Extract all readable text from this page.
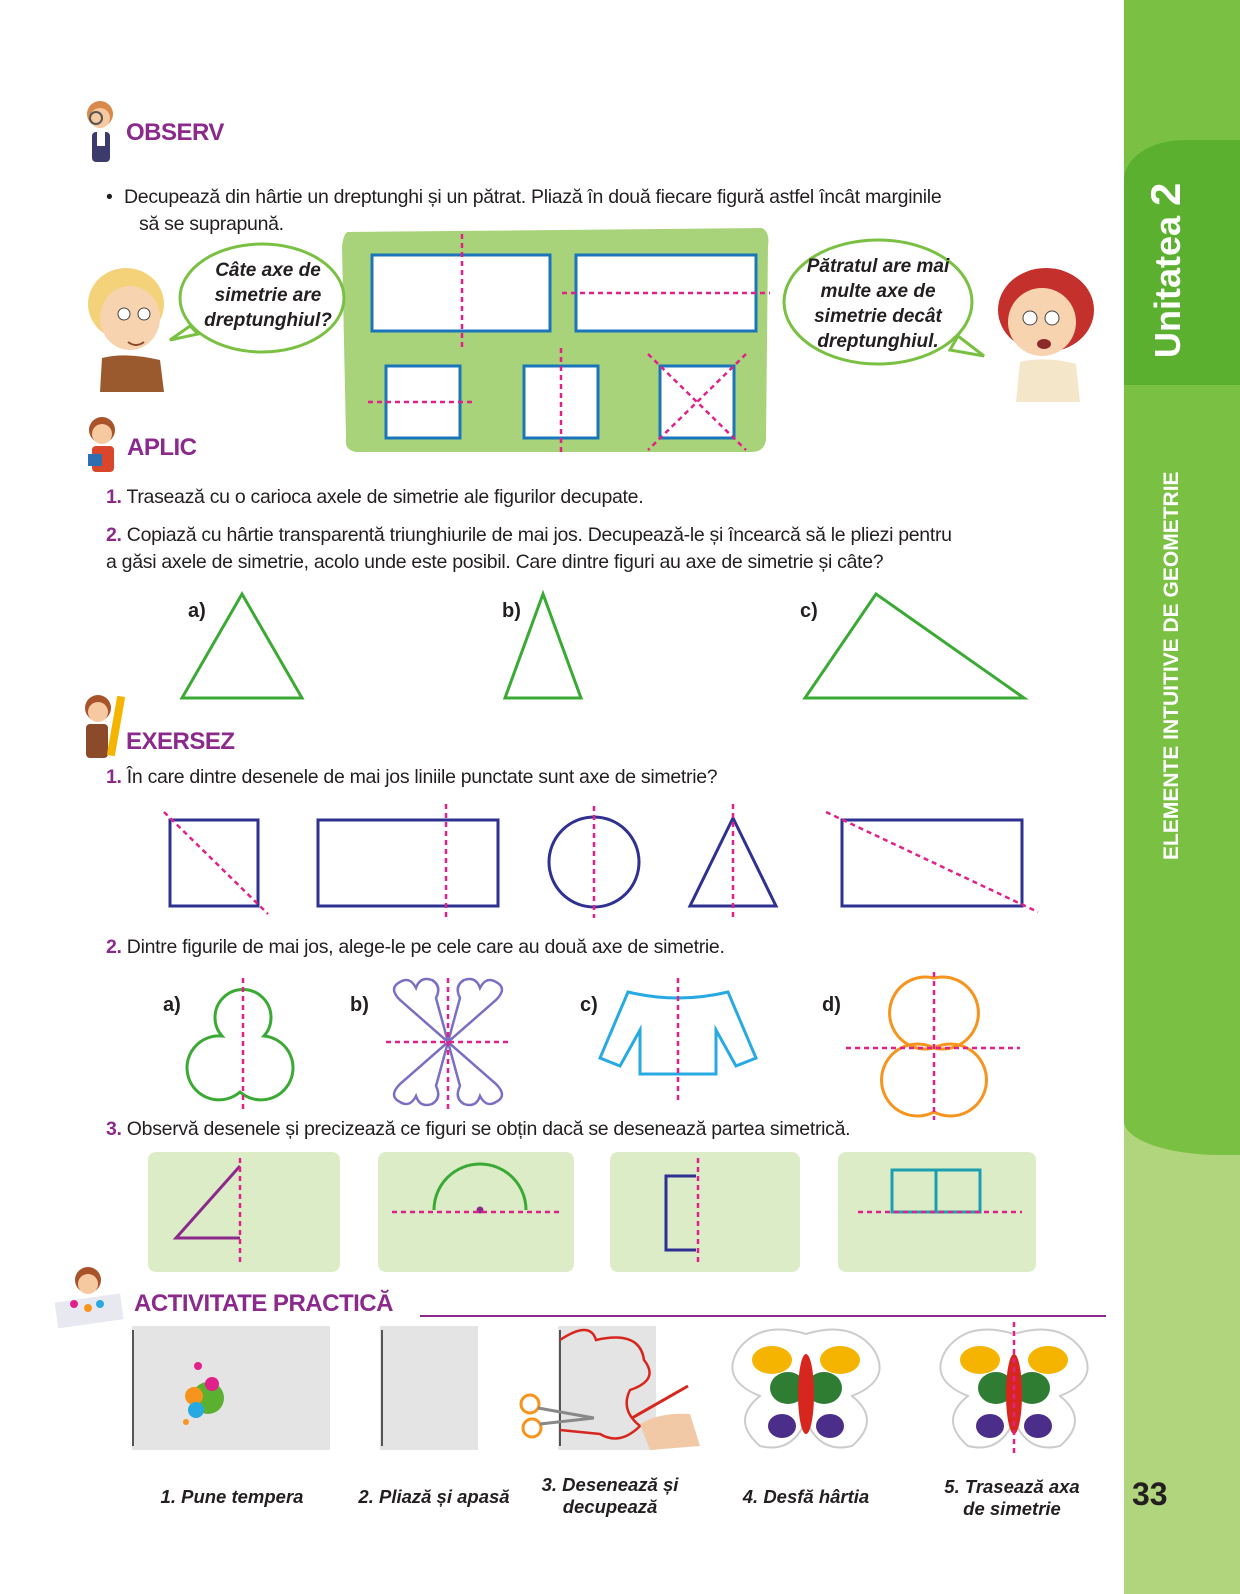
Unitatea 2
ELEMENTE INTUITIVE DE GEOMETRIE
33
OBSERV
• Decupează din hârtie un dreptunghi și un pătrat. Pliază în două fiecare figură astfel încât marginile
să se suprapună.
Câte axe de
simetrie are
dreptunghiul?
Pătratul are mai
multe axe de
simetrie decât
dreptunghiul.
APLIC
1. Trasează cu o carioca axele de simetrie ale figurilor decupate.
2. Copiază cu hârtie transparentă triunghiurile de mai jos. Decupează-le și încearcă să le pliezi pentru
a găsi axele de simetrie, acolo unde este posibil. Care dintre figuri au axe de simetrie și câte?
a)	b)	c)
EXERSEZ
1. În care dintre desenele de mai jos liniile punctate sunt axe de simetrie?
2. Dintre figurile de mai jos, alege-le pe cele care au două axe de simetrie.
a)	b)	c)	d)
3. Observă desenele și precizează ce figuri se obțin dacă se desenează partea simetrică.
ACTIVITATE PRACTICĂ
1. Pune tempera	2. Pliază și apasă
3. Desenează și
decupează	4. Desfă hârtia	5. Trasează axa
de simetrie
